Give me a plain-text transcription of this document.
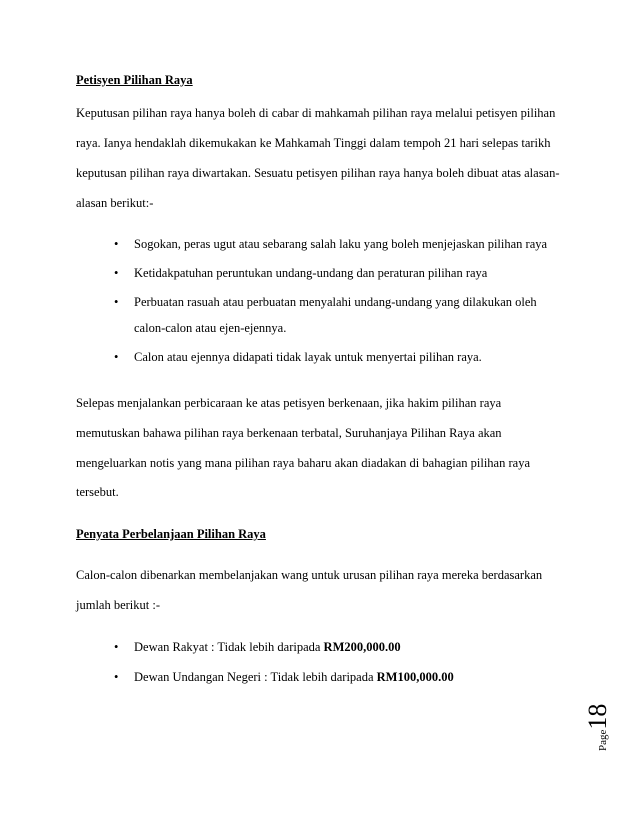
Petisyen Pilihan Raya
Keputusan pilihan raya hanya boleh di cabar di mahkamah pilihan raya melalui petisyen pilihan
raya. Ianya hendaklah dikemukakan ke Mahkamah Tinggi dalam tempoh 21 hari selepas tarikh
keputusan pilihan raya diwartakan. Sesuatu petisyen pilihan raya hanya boleh dibuat atas alasan-
alasan berikut:-
• Sogokan, peras ugut atau sebarang salah laku yang boleh menjejaskan pilihan raya
• Ketidakpatuhan peruntukan undang-undang dan peraturan pilihan raya
• Perbuatan rasuah atau perbuatan menyalahi undang-undang yang dilakukan oleh
calon-calon atau ejen-ejennya.
• Calon atau ejennya didapati tidak layak untuk menyertai pilihan raya.
Selepas menjalankan perbicaraan ke atas petisyen berkenaan, jika hakim pilihan raya
memutuskan bahawa pilihan raya berkenaan terbatal, Suruhanjaya Pilihan Raya akan
mengeluarkan notis yang mana pilihan raya baharu akan diadakan di bahagian pilihan raya
tersebut.
Penyata Perbelanjaan Pilihan Raya
Calon-calon dibenarkan membelanjakan wang untuk urusan pilihan raya mereka berdasarkan
jumlah berikut :-
• Dewan Rakyat : Tidak lebih daripada RM200,000.00
• Dewan Undangan Negeri : Tidak lebih daripada RM100,000.00
Page18
